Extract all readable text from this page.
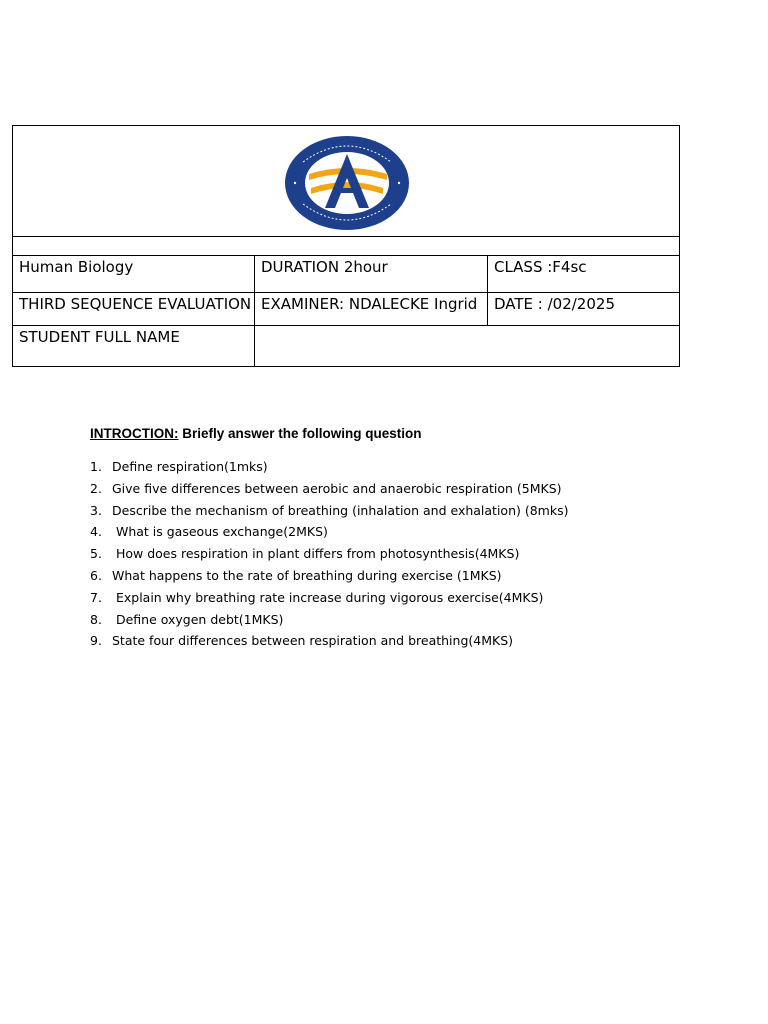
Human Biology	DURATION 2hour	CLASS :F4sc
THIRD SEQUENCE EVALUATION	EXAMINER: NDALECKE Ingrid	DATE : /02/2025
STUDENT FULL NAME		
INTROCTION: Briefly answer the following question
1. Define respiration(1mks)
2. Give five differences between aerobic and anaerobic respiration (5MKS)
3. Describe the mechanism of breathing (inhalation and exhalation) (8mks)
4. What is gaseous exchange(2MKS)
5. How does respiration in plant differs from photosynthesis(4MKS)
6. What happens to the rate of breathing during exercise (1MKS)
7. Explain why breathing rate increase during vigorous exercise(4MKS)
8. Define oxygen debt(1MKS)
9. State four differences between respiration and breathing(4MKS)
